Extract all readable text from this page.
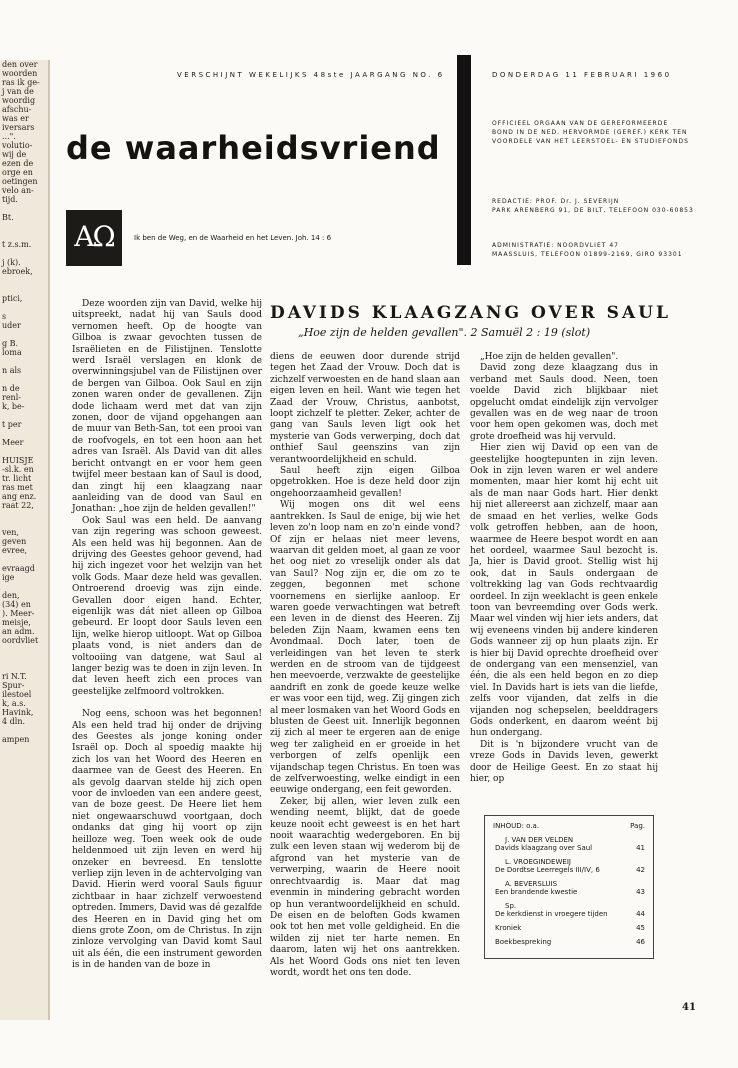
den over
woorden
ras ik ge-
j van de
woordig
afschu-
was er
iversars
...".
volutio-
wij de
ezen de
orge en
oetingen
velo an-
tijd.

Bt.

t z.s.m.

j (k).
ebroek,

ptici,

s
uder

g B.
loma

n als

n de
renl-
k, be-

t per

Meer

HUISJE
-sl.k. en
tr. licht
ras met
ang enz.
raat 22,

ven,
geven
evree,

evraagd
ige

den,
(34) en
). Meer-
meisje,
an adm.
oordvliet

ri N.T.
Spur-
ilestoel
k, a.s.
Havink,
4 dln.

ampen
VERSCHIJNT WEKELIJKS 48ste JAARGANG NO. 6	DONDERDAG 11 FEBRUARI 1960
de waarheidsvriend
OFFICIEEL ORGAAN VAN DE GEREFORMEERDE
BOND IN DE NED. HERVORMDE (GEREF.) KERK TEN
VOORDELE VAN HET LEERSTOEL- EN STUDIEFONDS
REDACTIE: PROF. Dr. J. SEVERIJN
PARK ARENBERG 91, DE BILT, TELEFOON 030-60853
ADMINISTRATIE: NOORDVLIET 47
MAASSLUIS, TELEFOON 01899-2169, GIRO 93301
AΩ	Ik ben de Weg, en de Waarheid en het Leven. Joh. 14 : 6
DAVIDS KLAAGZANG OVER SAUL
„Hoe zijn de helden gevallen". 2 Samuël 2 : 19 (slot)

Deze woorden zijn van David, welke hij uitspreekt, nadat hij van Sauls dood vernomen heeft. Op de hoogte van Gilboa is zwaar gevochten tussen de Israëlieten en de Filistijnen. Tenslotte werd Israël verslagen en klonk de overwinningsjubel van de Filistijnen over de bergen van Gilboa. Ook Saul en zijn zonen waren onder de gevallenen. Zijn dode lichaam werd met dat van zijn zonen, door de vijand opgehangen aan de muur van Beth-San, tot een prooi van de roofvogels, en tot een hoon aan het adres van Israël. Als David van dit alles bericht ontvangt en er voor hem geen twijfel meer bestaan kan of Saul is dood, dan zingt hij een klaagzang naar aanleiding van de dood van Saul en Jonathan: „hoe zijn de helden gevallen!"

Ook Saul was een held. De aanvang van zijn regering was schoon geweest. Als een held was hij begonnen. Aan de drijving des Geestes gehoor gevend, had hij zich ingezet voor het welzijn van het volk Gods. Maar deze held was gevallen. Ontroerend droevig was zijn einde. Gevallen door eigen hand. Echter, eigenlijk was dát niet alleen op Gilboa gebeurd. Er loopt door Sauls leven een lijn, welke hierop uitloopt. Wat op Gilboa plaats vond, is niet anders dan de voltooiing van datgene, wat Saul al langer bezig was te doen in zijn leven. In dat leven heeft zich een proces van geestelijke zelfmoord voltrokken.

Nog eens, schoon was het begonnen! Als een held trad hij onder de drijving des Geestes als jonge koning onder Israël op. Doch al spoedig maakte hij zich los van het Woord des Heeren en daarmee van de Geest des Heeren. En als gevolg daarvan stelde hij zich open voor de invloeden van een andere geest, van de boze geest. De Heere liet hem niet ongewaarschuwd voortgaan, doch ondanks dat ging hij voort op zijn heilloze weg. Toen week ook de oude heldenmoed uit zijn leven en werd hij onzeker en bevreesd. En tenslotte verliep zijn leven in de achtervolging van David. Hierin werd vooral Sauls figuur zichtbaar in haar zichzelf verwoestend optreden. Immers, David was dé gezalfde des Heeren en in David ging het om diens grote Zoon, om de Christus. In zijn zinloze vervolging van David komt Saul uit als één, die een instrument geworden is in de handen van de boze in

diens de eeuwen door durende strijd tegen het Zaad der Vrouw. Doch dat is zichzelf verwoesten en de hand slaan aan eigen leven en heil. Want wie tegen het Zaad der Vrouw, Christus, aanbotst, loopt zichzelf te pletter. Zeker, achter de gang van Sauls leven ligt ook het mysterie van Gods verwerping, doch dat onthief Saul geenszins van zijn verantwoordelijkheid en schuld.

Saul heeft zijn eigen Gilboa opgetrokken. Hoe is deze held door zijn ongehoorzaamheid gevallen!

Wij mogen ons dit wel eens aantrekken. Is Saul de enige, bij wie het leven zo'n loop nam en zo'n einde vond? Of zijn er helaas niet meer levens, waarvan dit gelden moet, al gaan ze voor het oog niet zo vreselijk onder als dat van Saul? Nog zijn er, die om zo te zeggen, begonnen met schone voornemens en sierlijke aanloop. Er waren goede verwachtingen wat betreft een leven in de dienst des Heeren. Zij beleden Zijn Naam, kwamen eens ten Avondmaal. Doch later, toen de verleidingen van het leven te sterk werden en de stroom van de tijdgeest hen meevoerde, verzwakte de geestelijke aandrift en zonk de goede keuze welke er was voor een tijd, weg. Zij gingen zich al meer losmaken van het Woord Gods en blusten de Geest uit. Innerlijk begonnen zij zich al meer te ergeren aan de enige weg ter zaligheid en er groeide in het verborgen of zelfs openlijk een vijandschap tegen Christus. En toen was de zelfverwoesting, welke eindigt in een eeuwige ondergang, een feit geworden.

Zeker, bij allen, wier leven zulk een wending neemt, blijkt, dat de goede keuze nooit echt geweest is en het hart nooit waarachtig wedergeboren. En bij zulk een leven staan wij wederom bij de afgrond van het mysterie van de verwerping, waarin de Heere nooit onrechtvaardig is. Maar dat mag evenmin in mindering gebracht worden op hun verantwoordelijkheid en schuld. De eisen en de beloften Gods kwamen ook tot hen met volle geldigheid. En die wilden zij niet ter harte nemen. En daarom, laten wij het ons aantrekken. Als het Woord Gods ons niet ten leven wordt, wordt het ons ten dode.

„Hoe zijn de helden gevallen".

David zong deze klaagzang dus in verband met Sauls dood. Neen, toen voelde David zich blijkbaar niet opgelucht omdat eindelijk zijn vervolger gevallen was en de weg naar de troon voor hem open gekomen was, doch met grote droefheid was hij vervuld.

Hier zien wij David op een van de geestelijke hoogtepunten in zijn leven. Ook in zijn leven waren er wel andere momenten, maar hier komt hij echt uit als de man naar Gods hart. Hier denkt hij niet allereerst aan zichzelf, maar aan de smaad en het verlies, welke Gods volk getroffen hebben, aan de hoon, waarmee de Heere bespot wordt en aan het oordeel, waarmee Saul bezocht is. Ja, hier is David groot. Stellig wist hij ook, dat in Sauls ondergaan de voltrekking lag van Gods rechtvaardig oordeel. In zijn weeklacht is geen enkele toon van bevreemding over Gods werk. Maar wel vinden wij hier iets anders, dat wij eveneens vinden bij andere kinderen Gods wanneer zij op hun plaats zijn. Er is hier bij David oprechte droefheid over de ondergang van een mensenziel, van één, die als een held begon en zo diep viel. In Davids hart is iets van die liefde, zelfs voor vijanden, dat zelfs in die vijanden nog schepselen, beelddragers Gods onderkent, en daarom weént bij hun ondergang.

Dit is 'n bijzondere vrucht van de vreze Gods in Davids leven, gewerkt door de Heilige Geest. En zo staat hij hier, op

INHOUD: o.a.	Pag.
J. VAN DER VELDEN
Davids klaagzang over Saul	41
L. VROEGINDEWEIJ
De Dordtse Leerregels III/IV, 6	42
A. BEVERSLUIS
Een brandende kwestie	43
Sp.
De kerkdienst in vroegere tijden	44
Kroniek	45
Boekbespreking	46
41
